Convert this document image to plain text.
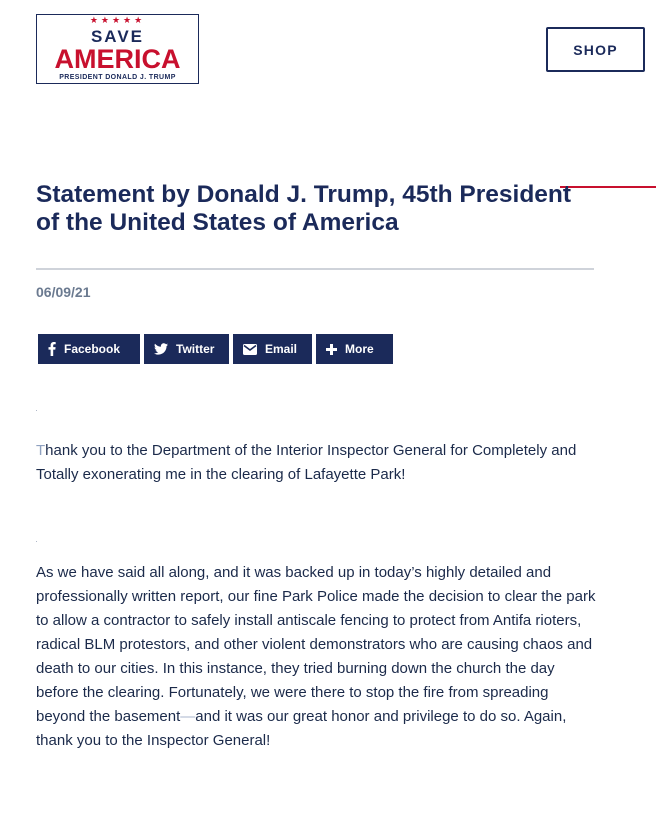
★★★★★
SAVE
AMERICA
PRESIDENT DONALD J. TRUMP
SHOP
Statement by Donald J. Trump, 45th President of the United States of America
06/09/21
Facebook	Twitter	Email	More

Thank you to the Department of the Interior Inspector General for Completely and Totally exonerating me in the clearing of Lafayette Park!

As we have said all along, and it was backed up in today’s highly detailed and professionally written report, our fine Park Police made the decision to clear the park to allow a contractor to safely install antiscale fencing to protect from Antifa rioters, radical BLM protestors, and other violent demonstrators who are causing chaos and death to our cities. In this instance, they tried burning down the church the day before the clearing. Fortunately, we were there to stop the fire from spreading beyond the basement—and it was our great honor and privilege to do so. Again, thank you to the Inspector General!
